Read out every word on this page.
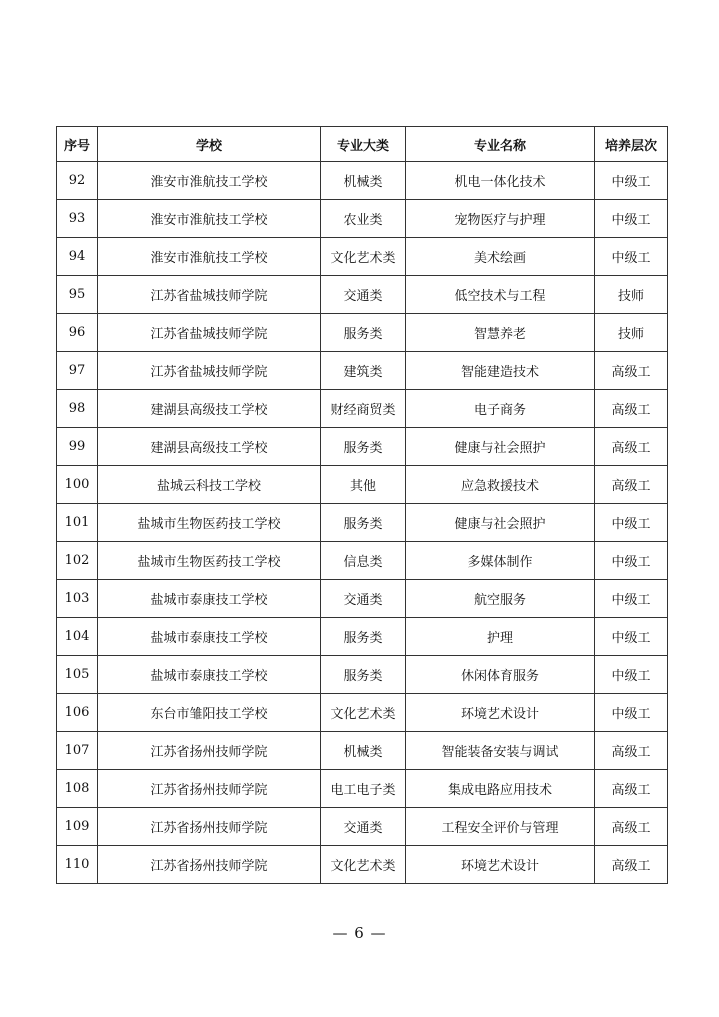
序号	学校	专业大类	专业名称	培养层次
92	淮安市淮航技工学校	机械类	机电一体化技术	中级工
93	淮安市淮航技工学校	农业类	宠物医疗与护理	中级工
94	淮安市淮航技工学校	文化艺术类	美术绘画	中级工
95	江苏省盐城技师学院	交通类	低空技术与工程	技师
96	江苏省盐城技师学院	服务类	智慧养老	技师
97	江苏省盐城技师学院	建筑类	智能建造技术	高级工
98	建湖县高级技工学校	财经商贸类	电子商务	高级工
99	建湖县高级技工学校	服务类	健康与社会照护	高级工
100	盐城云科技工学校	其他	应急救援技术	高级工
101	盐城市生物医药技工学校	服务类	健康与社会照护	中级工
102	盐城市生物医药技工学校	信息类	多媒体制作	中级工
103	盐城市泰康技工学校	交通类	航空服务	中级工
104	盐城市泰康技工学校	服务类	护理	中级工
105	盐城市泰康技工学校	服务类	休闲体育服务	中级工
106	东台市雏阳技工学校	文化艺术类	环境艺术设计	中级工
107	江苏省扬州技师学院	机械类	智能装备安装与调试	高级工
108	江苏省扬州技师学院	电工电子类	集成电路应用技术	高级工
109	江苏省扬州技师学院	交通类	工程安全评价与管理	高级工
110	江苏省扬州技师学院	文化艺术类	环境艺术设计	高级工
— 6 —
